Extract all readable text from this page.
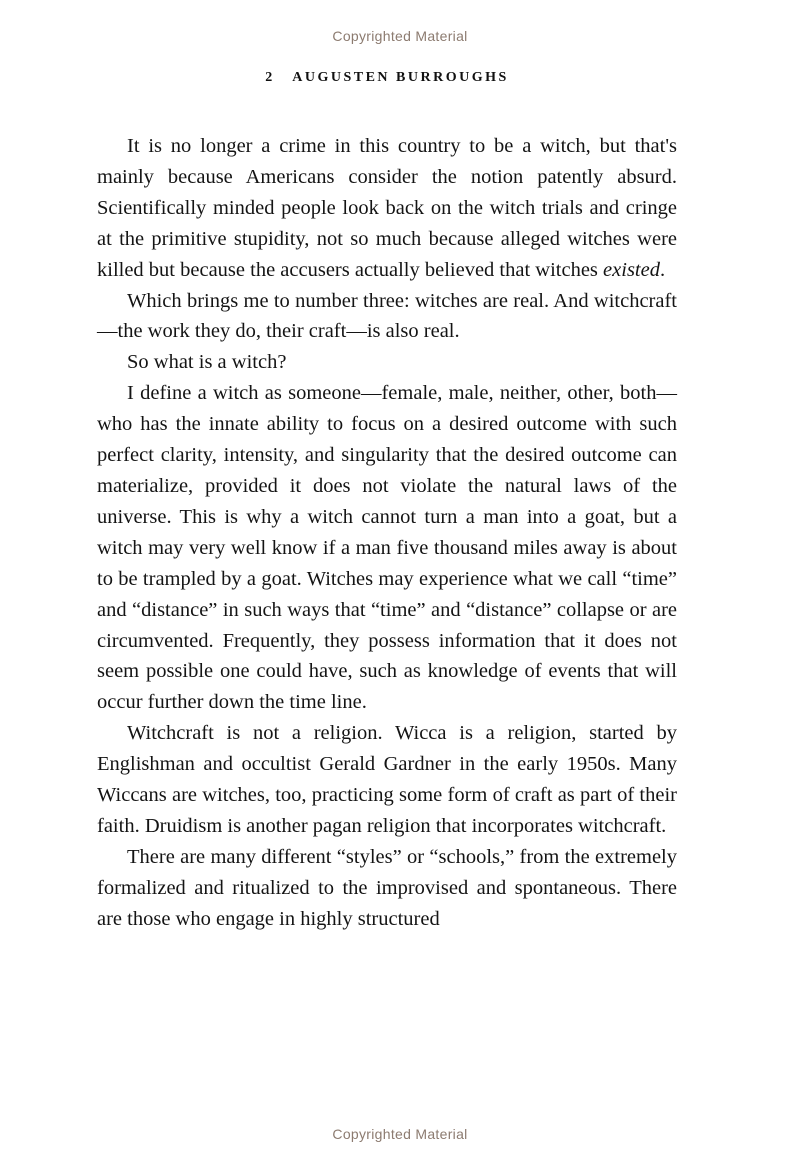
Copyrighted Material
2 AUGUSTEN BURROUGHS

It is no longer a crime in this country to be a witch, but that's mainly because Americans consider the notion patently absurd. Scientifically minded people look back on the witch trials and cringe at the primitive stupidity, not so much because alleged witches were killed but because the accusers actually believed that witches existed.

Which brings me to number three: witches are real. And witchcraft—the work they do, their craft—is also real.

So what is a witch?

I define a witch as someone—female, male, neither, other, both—who has the innate ability to focus on a desired outcome with such perfect clarity, intensity, and singularity that the desired outcome can materialize, provided it does not violate the natural laws of the universe. This is why a witch cannot turn a man into a goat, but a witch may very well know if a man five thousand miles away is about to be trampled by a goat. Witches may experience what we call “time” and “distance” in such ways that “time” and “distance” collapse or are circumvented. Frequently, they possess information that it does not seem possible one could have, such as knowledge of events that will occur further down the time line.

Witchcraft is not a religion. Wicca is a religion, started by Englishman and occultist Gerald Gardner in the early 1950s. Many Wiccans are witches, too, practicing some form of craft as part of their faith. Druidism is another pagan religion that incorporates witchcraft.

There are many different “styles” or “schools,” from the extremely formalized and ritualized to the improvised and spontaneous. There are those who engage in highly structured

Copyrighted Material
